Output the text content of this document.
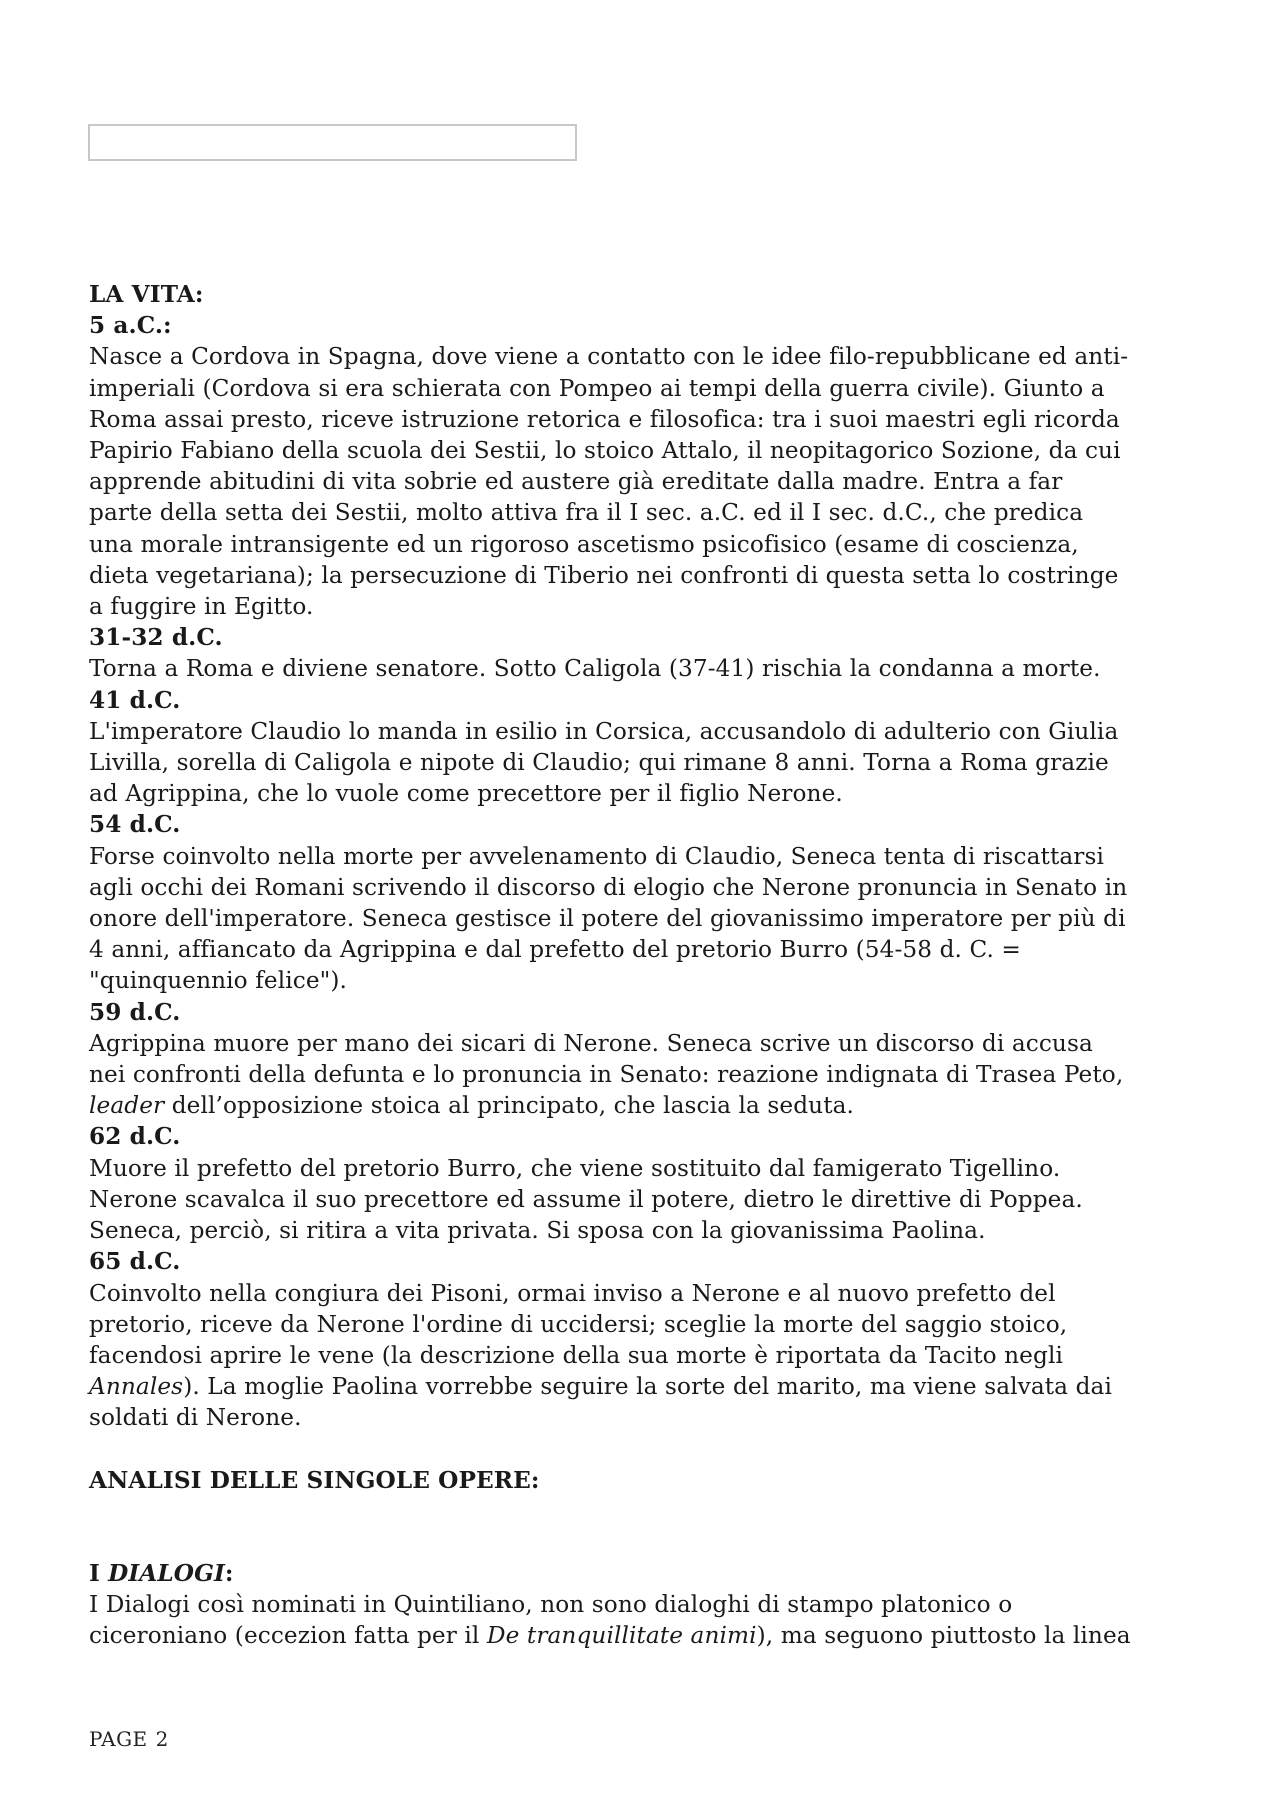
LA VITA:

5 a.C.:

Nasce a Cordova in Spagna, dove viene a contatto con le idee filo-repubblicane ed anti-

imperiali (Cordova si era schierata con Pompeo ai tempi della guerra civile). Giunto a

Roma assai presto, riceve istruzione retorica e filosofica: tra i suoi maestri egli ricorda

Papirio Fabiano della scuola dei Sestii, lo stoico Attalo, il neopitagorico Sozione, da cui

apprende abitudini di vita sobrie ed austere già ereditate dalla madre. Entra a far

parte della setta dei Sestii, molto attiva fra il I sec. a.C. ed il I sec. d.C., che predica

una morale intransigente ed un rigoroso ascetismo psicofisico (esame di coscienza,

dieta vegetariana); la persecuzione di Tiberio nei confronti di questa setta lo costringe

a fuggire in Egitto.

31-32 d.C.

Torna a Roma e diviene senatore. Sotto Caligola (37-41) rischia la condanna a morte.

41 d.C.

L'imperatore Claudio lo manda in esilio in Corsica, accusandolo di adulterio con Giulia

Livilla, sorella di Caligola e nipote di Claudio; qui rimane 8 anni. Torna a Roma grazie

ad Agrippina, che lo vuole come precettore per il figlio Nerone.

54 d.C.

Forse coinvolto nella morte per avvelenamento di Claudio, Seneca tenta di riscattarsi

agli occhi dei Romani scrivendo il discorso di elogio che Nerone pronuncia in Senato in

onore dell'imperatore. Seneca gestisce il potere del giovanissimo imperatore per più di

4 anni, affiancato da Agrippina e dal prefetto del pretorio Burro (54-58 d. C. =

"quinquennio felice").

59 d.C.

Agrippina muore per mano dei sicari di Nerone. Seneca scrive un discorso di accusa

nei confronti della defunta e lo pronuncia in Senato: reazione indignata di Trasea Peto,

leader dell’opposizione stoica al principato, che lascia la seduta.

62 d.C.

Muore il prefetto del pretorio Burro, che viene sostituito dal famigerato Tigellino.

Nerone scavalca il suo precettore ed assume il potere, dietro le direttive di Poppea.

Seneca, perciò, si ritira a vita privata. Si sposa con la giovanissima Paolina.

65 d.C.

Coinvolto nella congiura dei Pisoni, ormai inviso a Nerone e al nuovo prefetto del

pretorio, riceve da Nerone l'ordine di uccidersi; sceglie la morte del saggio stoico,

facendosi aprire le vene (la descrizione della sua morte è riportata da Tacito negli

Annales). La moglie Paolina vorrebbe seguire la sorte del marito, ma viene salvata dai

soldati di Nerone.

ANALISI DELLE SINGOLE OPERE:

I DIALOGI:

I Dialogi così nominati in Quintiliano, non sono dialoghi di stampo platonico o

ciceroniano (eccezion fatta per il De tranquillitate animi), ma seguono piuttosto la linea

PAGE 2
